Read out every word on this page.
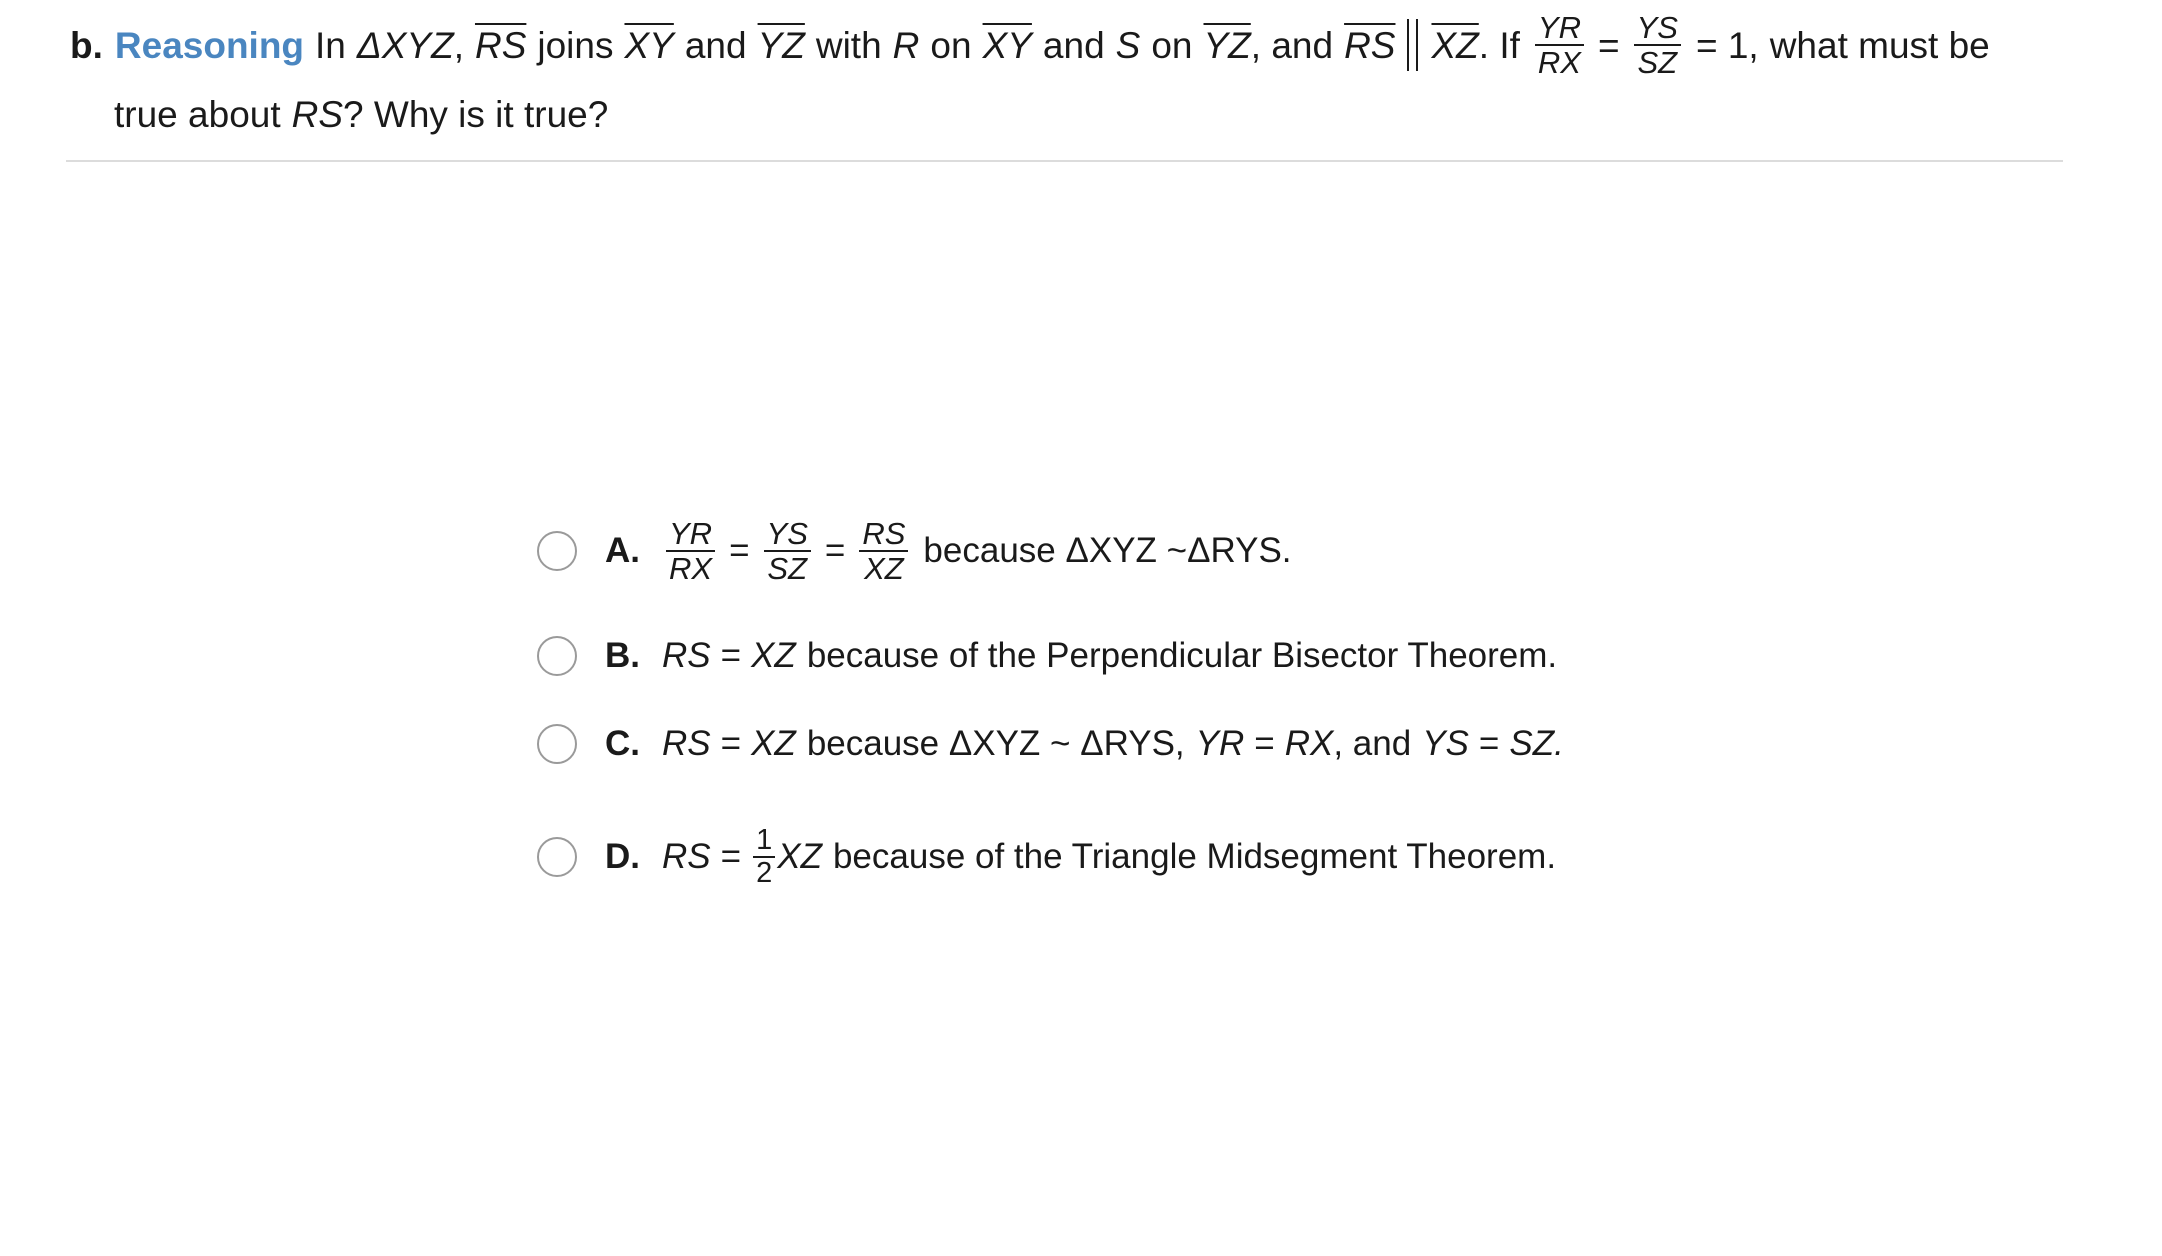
b. Reasoning In ΔXYZ , $\overline{RS}$ joins $\overline{XY}$ and $\overline{YZ}$ with R on $\overline{XY}$ and S on $\overline{YZ}$ , and $\overline{RS}$ $\overline{XZ}$ . If $\frac{YR}{RX} = \frac{YS}{SZ} = 1$, what must be
true about RS ? Why is it true?
A. $\frac{YR}{RX} = \frac{YS}{SZ} = \frac{RS}{XZ}$ because ΔXYZ ~ΔRYS.
B. RS = XZ because of the Perpendicular Bisector Theorem.
C. RS = XZ because ΔXYZ ~ ΔRYS, YR = RX , and YS = SZ.
D. RS = $\frac{1}{2}$ XZ because of the Triangle Midsegment Theorem.
